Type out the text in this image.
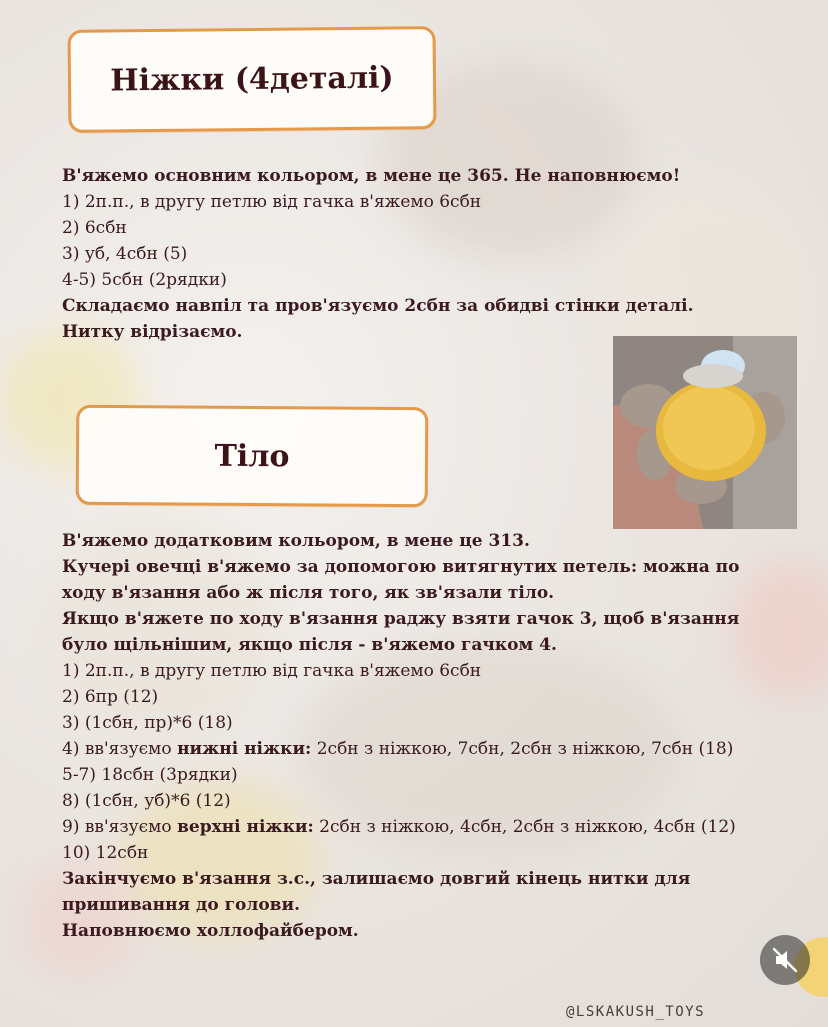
Ніжки (4деталі)
В'яжемо основним кольором, в мене це 365. Не наповнюємо!
1) 2п.п., в другу петлю від гачка в'яжемо 6сбн
2) 6сбн
3) уб, 4сбн (5)
4-5) 5сбн (2рядки)
Складаємо навпіл та пров'язуємо 2сбн за обидві стінки деталі.
Нитку відрізаємо.
Тіло
В'яжемо додатковим кольором, в мене це 313.
Кучері овечці в'яжемо за допомогою витягнутих петель: можна по
ходу в'язання або ж після того, як зв'язали тіло.
Якщо в'яжете по ходу в'язання раджу взяти гачок 3, щоб в'язання
було щільнішим, якщо після - в'яжемо гачком 4.
1) 2п.п., в другу петлю від гачка в'яжемо 6сбн
2) 6пр (12)
3) (1сбн, пр)*6 (18)
4) вв'язуємо нижні ніжки: 2сбн з ніжкою, 7сбн, 2сбн з ніжкою, 7сбн (18)
5-7) 18сбн (3рядки)
8) (1сбн, уб)*6 (12)
9) вв'язуємо верхні ніжки: 2сбн з ніжкою, 4сбн, 2сбн з ніжкою, 4сбн (12)
10) 12сбн
Закінчуємо в'язання з.с., залишаємо довгий кінець нитки для
пришивання до голови.
Наповнюємо холлофайбером.
@LSKAKUSH_TOYS
